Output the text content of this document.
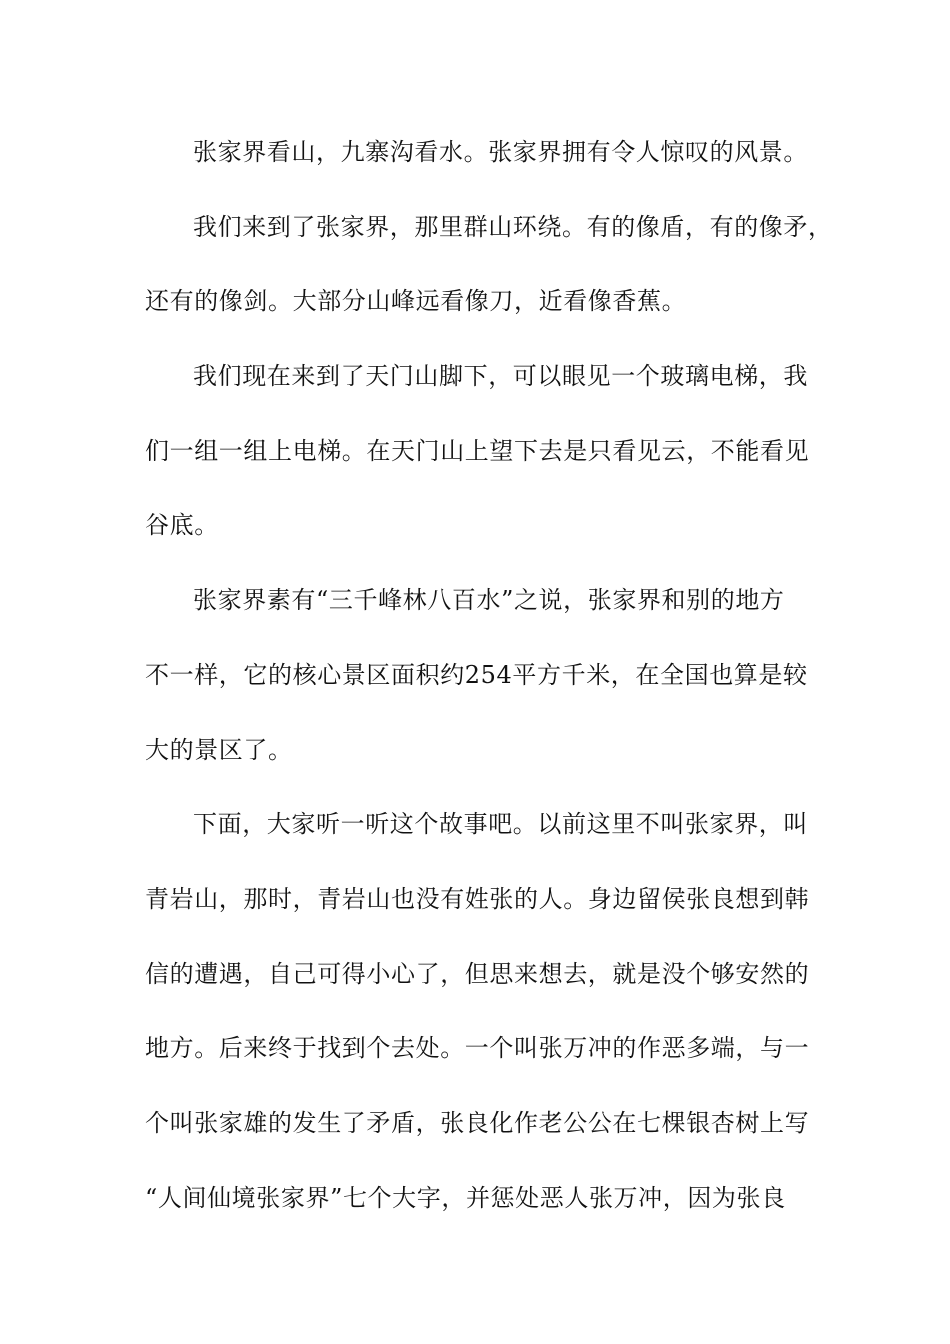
张家界看山，九寨沟看水。张家界拥有令人惊叹的风景。
我们来到了张家界，那里群山环绕。有的像盾，有的像矛，
还有的像剑。大部分山峰远看像刀，近看像香蕉。
我们现在来到了天门山脚下，可以眼见一个玻璃电梯，我
们一组一组上电梯。在天门山上望下去是只看见云，不能看见
谷底。
张家界素有“三千峰林八百水”之说，张家界和别的地方
不一样，它的核心景区面积约254平方千米，在全国也算是较
大的景区了。
下面，大家听一听这个故事吧。以前这里不叫张家界，叫
青岩山，那时，青岩山也没有姓张的人。身边留侯张良想到韩
信的遭遇，自己可得小心了，但思来想去，就是没个够安然的
地方。后来终于找到个去处。一个叫张万冲的作恶多端，与一
个叫张家雄的发生了矛盾，张良化作老公公在七棵银杏树上写
“人间仙境张家界”七个大字，并惩处恶人张万冲，因为张良
